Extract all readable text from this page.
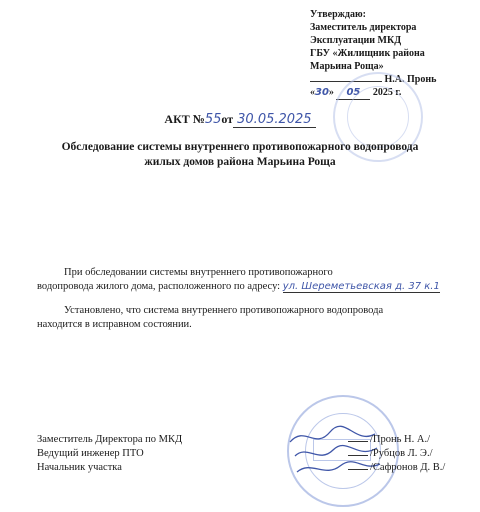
Утверждаю:
Заместитель директора
Эксплуатации МКД
ГБУ «Жилищник района
Марьина Роща»
Н.А. Пронь
«30» 05 2025 г.
АКТ №55от 30.05.2025
Обследование системы внутреннего противопожарного водопровода
жилых домов района Марьина Роща
При обследовании системы внутреннего противопожарного
водопровода жилого дома, расположенного по адресу: ул. Шереметьевская д. 37 к.1
Установлено, что система внутреннего противопожарного водопровода
находится в исправном состоянии.
Заместитель Директора по МКД
Ведущий инженер ПТО
Начальник участка
/Пронь Н. А./
/Рубцов Л. Э./
/Сафронов Д. В./
